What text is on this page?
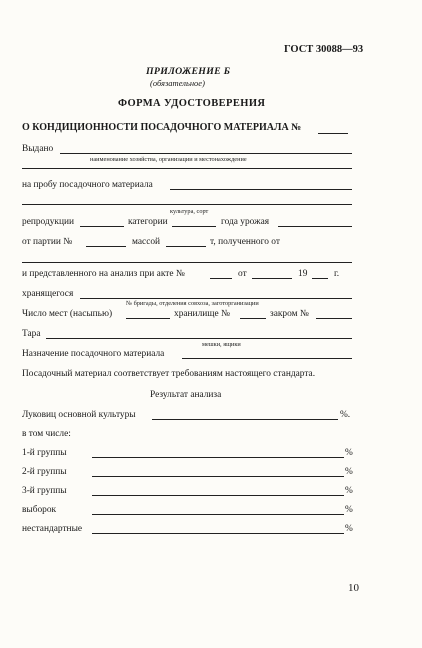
ГОСТ 30088—93
ПРИЛОЖЕНИЕ Б
(обязательное)
ФОРМА УДОСТОВЕРЕНИЯ
О КОНДИЦИОННОСТИ ПОСАДОЧНОГО МАТЕРИАЛА №
Выдано
наименование хозяйства, организации и местонахождение
на пробу посадочного материала
культура, сорт
репродукции	категории	года урожая
от партии №	массой	т, полученного от
и представленного на анализ при акте №	от	19	г.
хранящегося
№ бригады, отделения совхоза, заготорганизации
Число мест (насыпью)	хранилище №	закром №
Тара
мешки, ящики
Назначение посадочного материала
Посадочный материал соответствует требованиям настоящего стандарта.
Результат анализа
Луковиц основной культуры	%.
в том числе:
1-й группы	%
2-й группы	%
3-й группы	%
выборок	%
нестандартные	%
10
